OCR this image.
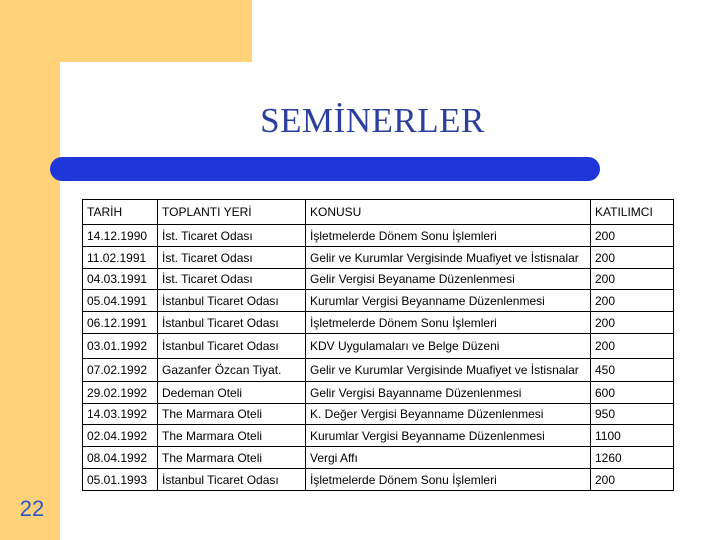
SEMİNERLER
22
TARİH	TOPLANTI YERİ	KONUSU	KATILIMCI
14.12.1990	İst. Ticaret Odası	İşletmelerde Dönem Sonu İşlemleri	200
11.02.1991	İst. Ticaret Odası	Gelir ve Kurumlar Vergisinde Muafiyet ve İstisnalar	200
04.03.1991	İst. Ticaret Odası	Gelir Vergisi Beyaname Düzenlenmesi	200
05.04.1991	İstanbul Ticaret Odası	Kurumlar Vergisi Beyanname Düzenlenmesi	200
06.12.1991	İstanbul Ticaret Odası	İşletmelerde Dönem Sonu İşlemleri	200
03.01.1992	İstanbul Ticaret Odası	KDV Uygulamaları ve Belge Düzeni	200
07.02.1992	Gazanfer Özcan Tiyat.	Gelir ve Kurumlar Vergisinde Muafiyet ve İstisnalar	450
29.02.1992	Dedeman Oteli	Gelir Vergisi Bayanname Düzenlenmesi	600
14.03.1992	The Marmara Oteli	K. Değer Vergisi Beyanname Düzenlenmesi	950
02.04.1992	The Marmara Oteli	Kurumlar Vergisi Beyanname Düzenlenmesi	1100
08.04.1992	The Marmara Oteli	Vergi Affı	1260
05.01.1993	İstanbul Ticaret Odası	İşletmelerde Dönem Sonu İşlemleri	200
